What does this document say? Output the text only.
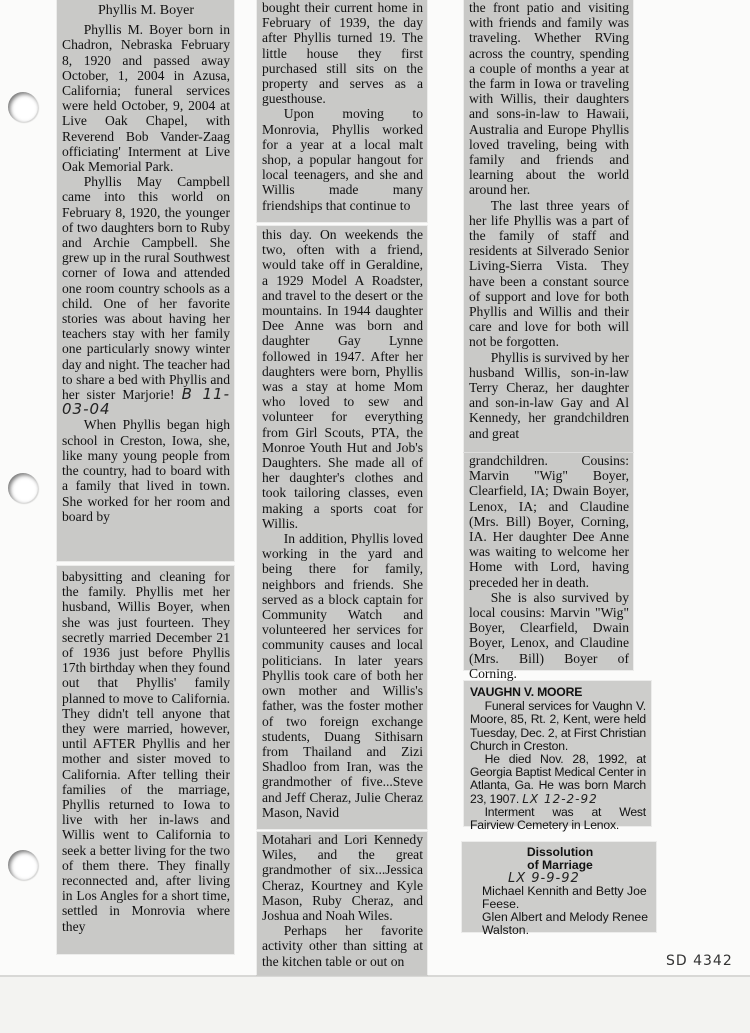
Phyllis M. Boyer

Phyllis M. Boyer born in Chadron, Nebraska February 8, 1920 and passed away October, 1, 2004 in Azusa, California; funeral services were held October, 9, 2004 at Live Oak Chapel, with Reverend Bob Vander-Zaag officiating' Interment at Live Oak Memorial Park.

Phyllis May Campbell came into this world on February 8, 1920, the younger of two daughters born to Ruby and Archie Campbell. She grew up in the rural Southwest corner of Iowa and attended one room country schools as a child. One of her favorite stories was about having her teachers stay with her family one particularly snowy winter day and night. The teacher had to share a bed with Phyllis and her sister Marjorie! B 11-03-04

When Phyllis began high school in Creston, Iowa, she, like many young people from the country, had to board with a family that lived in town. She worked for her room and board by

babysitting and cleaning for the family. Phyllis met her husband, Willis Boyer, when she was just fourteen. They secretly married December 21 of 1936 just before Phyllis 17th birthday when they found out that Phyllis' family planned to move to California. They didn't tell anyone that they were married, however, until AFTER Phyllis and her mother and sister moved to California. After telling their families of the marriage, Phyllis returned to Iowa to live with her in-laws and Willis went to California to seek a better living for the two of them there. They finally reconnected and, after living in Los Angles for a short time, settled in Monrovia where they

bought their current home in February of 1939, the day after Phyllis turned 19. The little house they first purchased still sits on the property and serves as a guesthouse.

Upon moving to Monrovia, Phyllis worked for a year at a local malt shop, a popular hangout for local teenagers, and she and Willis made many friendships that continue to

this day. On weekends the two, often with a friend, would take off in Geraldine, a 1929 Model A Roadster, and travel to the desert or the mountains. In 1944 daughter Dee Anne was born and daughter Gay Lynne followed in 1947. After her daughters were born, Phyllis was a stay at home Mom who loved to sew and volunteer for everything from Girl Scouts, PTA, the Monroe Youth Hut and Job's Daughters. She made all of her daughter's clothes and took tailoring classes, even making a sports coat for Willis.

In addition, Phyllis loved working in the yard and being there for family, neighbors and friends. She served as a block captain for Community Watch and volunteered her services for community causes and local politicians. In later years Phyllis took care of both her own mother and Willis's father, was the foster mother of two foreign exchange students, Duang Sithisarn from Thailand and Zizi Shadloo from Iran, was the grandmother of five...Steve and Jeff Cheraz, Julie Cheraz Mason, Navid

Motahari and Lori Kennedy Wiles, and the great grandmother of six...Jessica Cheraz, Kourtney and Kyle Mason, Ruby Cheraz, and Joshua and Noah Wiles.

Perhaps her favorite activity other than sitting at the kitchen table or out on

the front patio and visiting with friends and family was traveling. Whether RVing across the country, spending a couple of months a year at the farm in Iowa or traveling with Willis, their daughters and sons-in-law to Hawaii, Australia and Europe Phyllis loved traveling, being with family and friends and learning about the world around her.

The last three years of her life Phyllis was a part of the family of staff and residents at Silverado Senior Living-Sierra Vista. They have been a constant source of support and love for both Phyllis and Willis and their care and love for both will not be forgotten.

Phyllis is survived by her husband Willis, son-in-law Terry Cheraz, her daughter and son-in-law Gay and Al Kennedy, her grandchildren and great

grandchildren. Cousins: Marvin "Wig" Boyer, Clearfield, IA; Dwain Boyer, Lenox, IA; and Claudine (Mrs. Bill) Boyer, Corning, IA. Her daughter Dee Anne was waiting to welcome her Home with Lord, having preceded her in death.

She is also survived by local cousins: Marvin "Wig" Boyer, Clearfield, Dwain Boyer, Lenox, and Claudine (Mrs. Bill) Boyer of Corning.

VAUGHN V. MOORE

Funeral services for Vaughn V. Moore, 85, Rt. 2, Kent, were held Tuesday, Dec. 2, at First Christian Church in Creston.

He died Nov. 28, 1992, at Georgia Baptist Medical Center in Atlanta, Ga. He was born March 23, 1907. LX 12-2-92

Interment was at West Fairview Cemetery in Lenox.

Dissolution
of Marriage
LX 9-9-92
Michael Kennith and Betty Joe Feese.
Glen Albert and Melody Renee Walston.
SD 4342
